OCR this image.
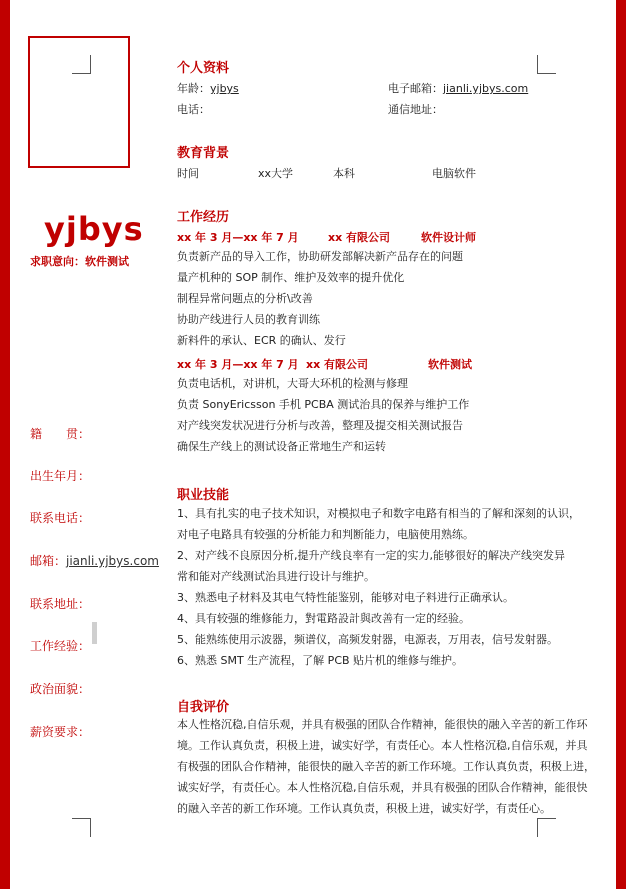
yjbys
求职意向：软件测试
籍　　贯：
出生年月：
联系电话：
邮箱：jianli.yjbys.com
联系地址：
工作经验：
政治面貌：
薪资要求：
个人资料
年龄：yjbys	电子邮箱：jianli.yjbys.com
电话：	通信地址：
教育背景
时间	xx大学	本科	电脑软件
工作经历
xx 年 3 月—xx 年 7 月	xx 有限公司	软件设计师
负责新产品的导入工作，协助研发部解决新产品存在的问题
量产机种的 SOP 制作、维护及效率的提升优化
制程异常问题点的分析\改善
协助产线进行人员的教育训练
新料件的承认、ECR 的确认、发行
xx 年 3 月—xx 年 7 月 xx 有限公司	软件测试
负责电话机，对讲机，大哥大环机的检测与修理
负责 SonyEricsson 手机 PCBA 测试治具的保养与维护工作
对产线突发状况进行分析与改善，整理及提交相关测试报告
确保生产线上的测试设备正常地生产和运转
职业技能
1、具有扎实的电子技术知识，对模拟电子和数字电路有相当的了解和深刻的认识，
对电子电路具有较强的分析能力和判断能力，电脑使用熟练。
2、对产线不良原因分析,提升产线良率有一定的实力,能够很好的解决产线突发异
常和能对产线测试治具进行设计与维护。
3、熟悉电子材料及其电气特性能鉴别，能够对电子料进行正确承认。
4、具有较强的维修能力，對電路設計與改善有一定的经验。
5、能熟练使用示波器，频谱仪，高频发射器，电源表，万用表，信号发射器。
6、熟悉 SMT 生产流程，了解 PCB 贴片机的维修与维护。
自我评价
本人性格沉稳,自信乐观，并具有极强的团队合作精神，能很快的融入辛苦的新工作环境。工作认真负责，积极上进，诚实好学，有责任心。本人性格沉稳,自信乐观，并具有极强的团队合作精神，能很快的融入辛苦的新工作环境。工作认真负责，积极上进，诚实好学，有责任心。本人性格沉稳,自信乐观，并具有极强的团队合作精神，能很快的融入辛苦的新工作环境。工作认真负责，积极上进，诚实好学，有责任心。
